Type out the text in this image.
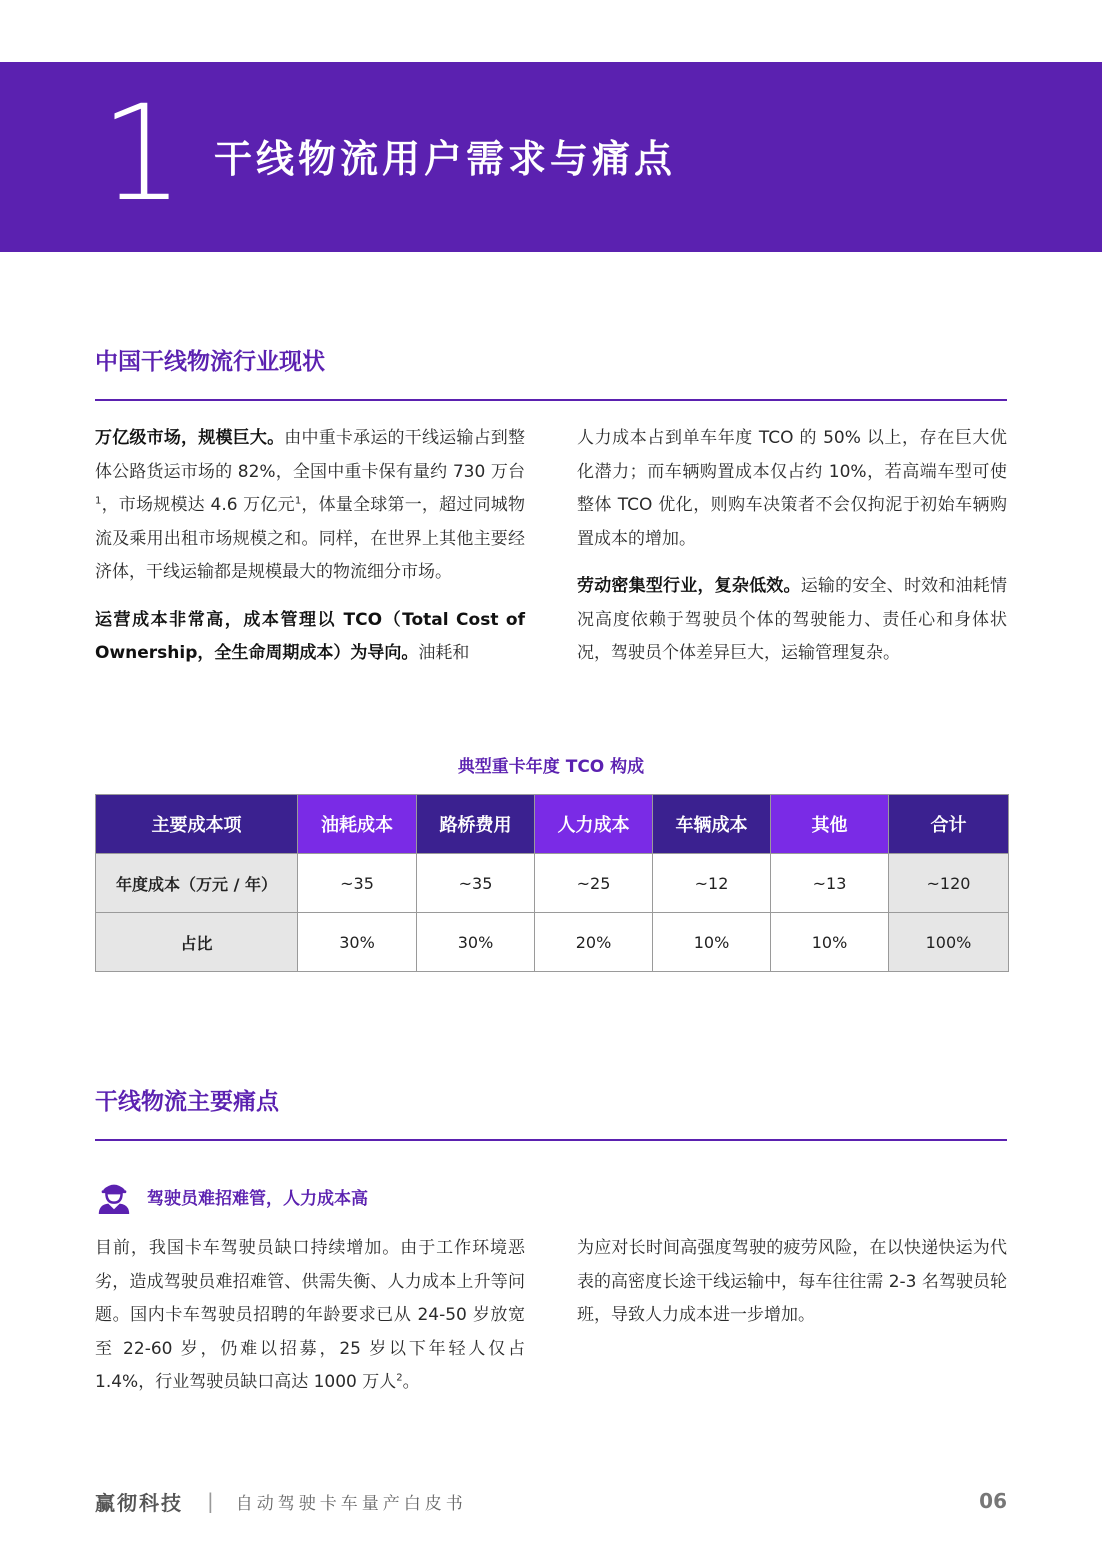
1 干线物流用户需求与痛点
中国干线物流行业现状

万亿级市场，规模巨大。由中重卡承运的干线运输占到整体公路货运市场的 82%，全国中重卡保有量约 730 万台$^1$，市场规模达 4.6 万亿元$^1$，体量全球第一，超过同城物流及乘用出租市场规模之和。同样，在世界上其他主要经济体，干线运输都是规模最大的物流细分市场。

运营成本非常高，成本管理以 TCO（Total Cost of Ownership，全生命周期成本）为导向。油耗和

人力成本占到单车年度 TCO 的 50% 以上，存在巨大优化潜力；而车辆购置成本仅占约 10%，若高端车型可使整体 TCO 优化，则购车决策者不会仅拘泥于初始车辆购置成本的增加。

劳动密集型行业，复杂低效。运输的安全、时效和油耗情况高度依赖于驾驶员个体的驾驶能力、责任心和身体状况，驾驶员个体差异巨大，运输管理复杂。

典型重卡年度 TCO 构成
主要成本项	油耗成本	路桥费用	人力成本	车辆成本	其他	合计
年度成本（万元 / 年）	~35	~35	~25	~12	~13	~120
占比	30%	30%	20%	10%	10%	100%
干线物流主要痛点
驾驶员难招难管，人力成本高

目前，我国卡车驾驶员缺口持续增加。由于工作环境恶劣，造成驾驶员难招难管、供需失衡、人力成本上升等问题。国内卡车驾驶员招聘的年龄要求已从 24-50 岁放宽至 22-60 岁，仍难以招募，25 岁以下年轻人仅占 1.4%，行业驾驶员缺口高达 1000 万人$^2$。

为应对长时间高强度驾驶的疲劳风险，在以快递快运为代表的高密度长途干线运输中，每车往往需 2-3 名驾驶员轮班，导致人力成本进一步增加。

赢彻科技 | 自动驾驶卡车量产白皮书	06
